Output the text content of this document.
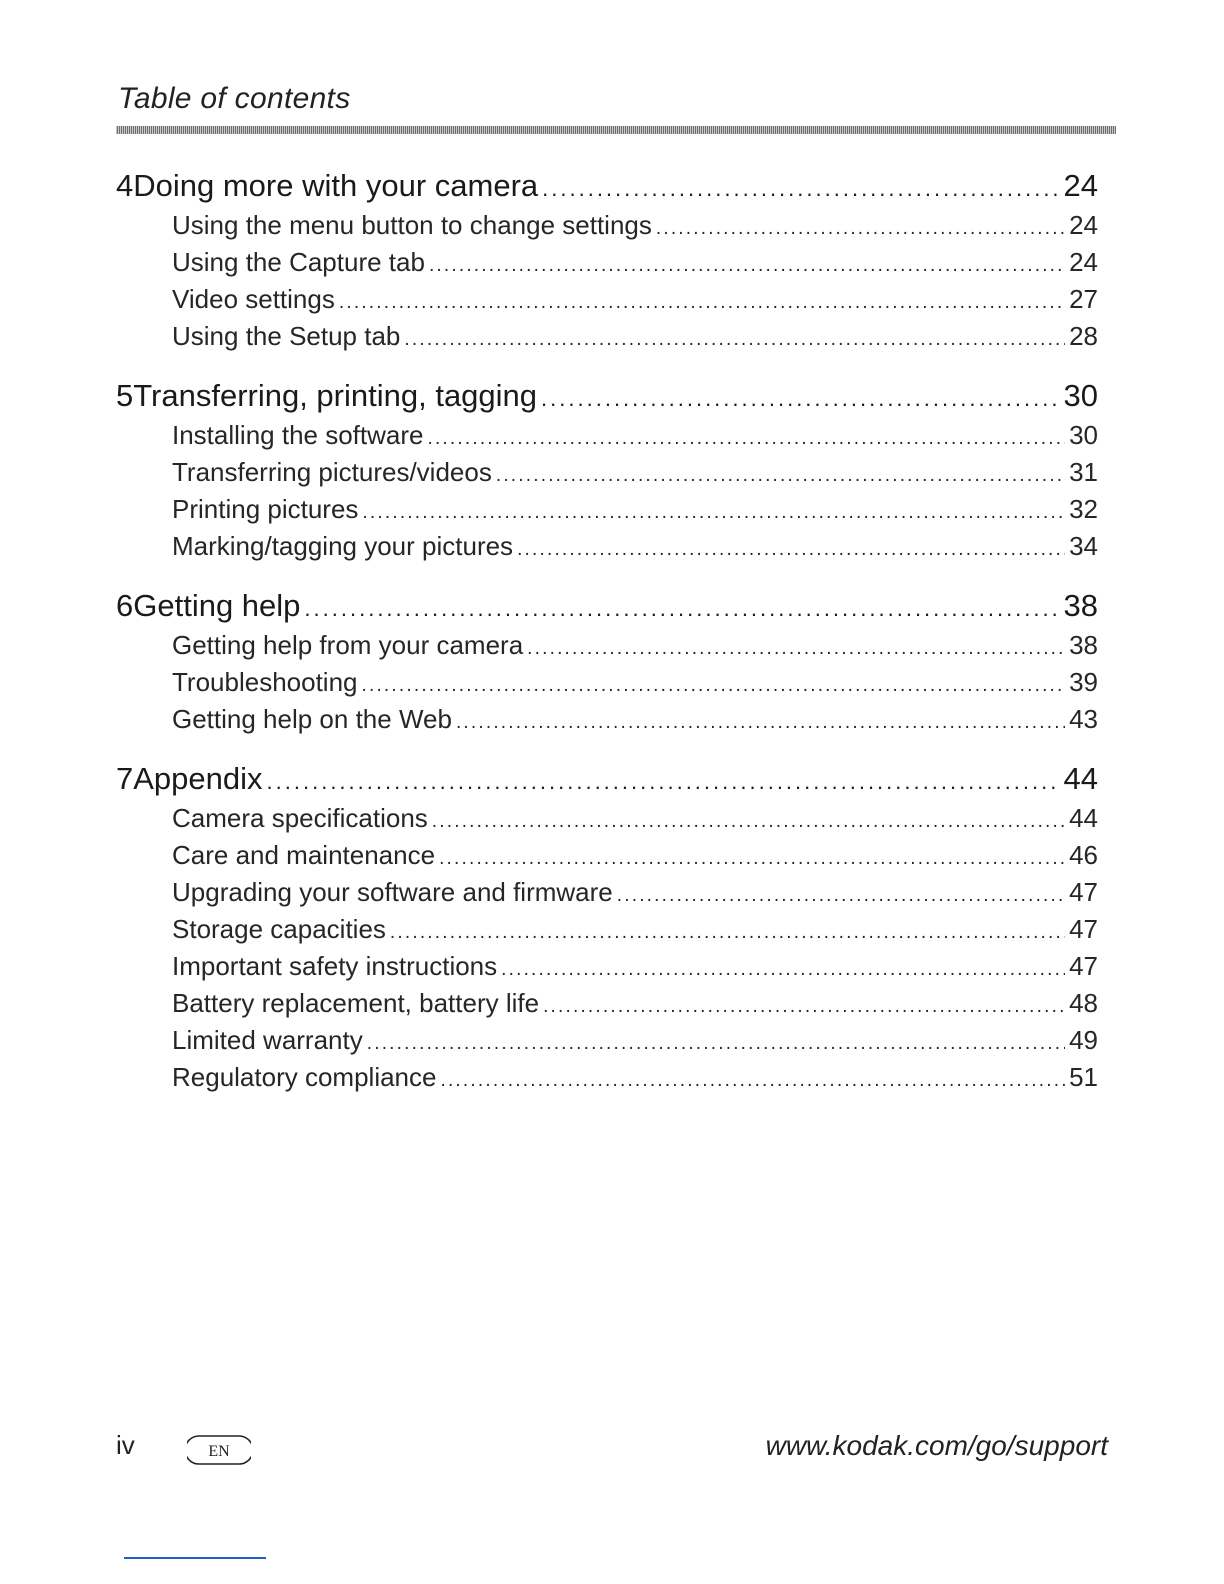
Table of contents
4 Doing more with your camera .....	24
Using the menu button to change settings .....	24
Using the Capture tab .....	24
Video settings .....	27
Using the Setup tab .....	28
5 Transferring, printing, tagging .....	30
Installing the software .....	30
Transferring pictures/videos .....	31
Printing pictures .....	32
Marking/tagging your pictures .....	34
6 Getting help .....	38
Getting help from your camera .....	38
Troubleshooting .....	39
Getting help on the Web .....	43
7 Appendix .....	44
Camera specifications .....	44
Care and maintenance .....	46
Upgrading your software and firmware .....	47
Storage capacities .....	47
Important safety instructions .....	47
Battery replacement, battery life .....	48
Limited warranty .....	49
Regulatory compliance .....	51
iv	EN	www.kodak.com/go/support
